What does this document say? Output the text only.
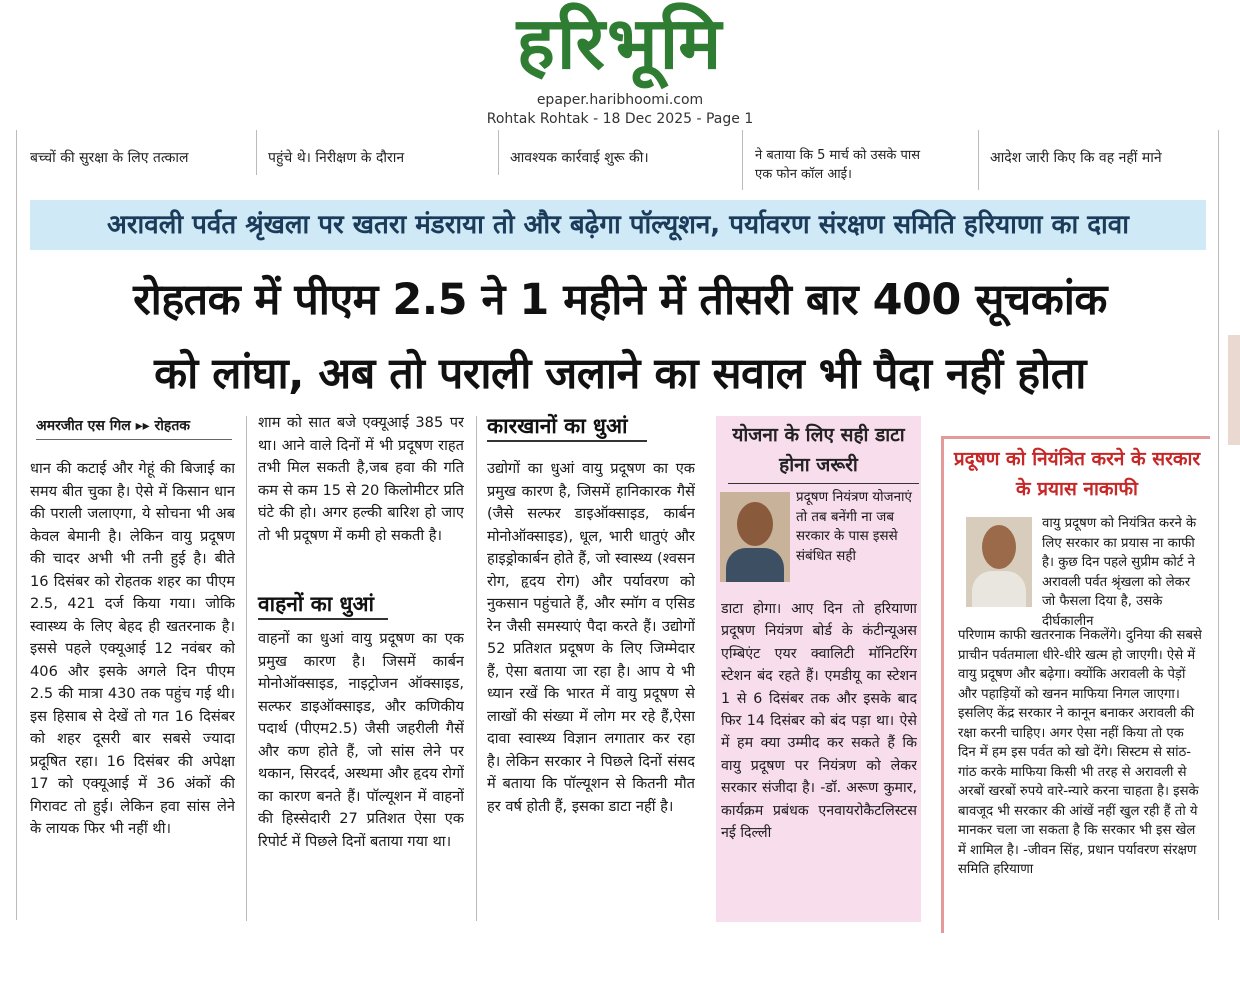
हरिभूमि
epaper.haribhoomi.com
Rohtak Rohtak - 18 Dec 2025 - Page 1
बच्चों की सुरक्षा के लिए तत्काल	पहुंचे थे। निरीक्षण के दौरान	आवश्यक कार्रवाई शुरू की।	ने बताया कि 5 मार्च को उसके पास
एक फोन कॉल आई।
आदेश जारी किए कि वह नहीं माने
अरावली पर्वत श्रृंखला पर खतरा मंडराया तो और बढ़ेगा पॉल्यूशन, पर्यावरण संरक्षण समिति हरियाणा का दावा
रोहतक में पीएम 2.5 ने 1 महीने में तीसरी बार 400 सूचकांक
को लांघा, अब तो पराली जलाने का सवाल भी पैदा नहीं होता
अमरजीत एस गिल ▸▸ रोहतक
धान की कटाई और गेहूं की बिजाई का समय बीत चुका है। ऐसे में किसान धान की पराली जलाएगा, ये सोचना भी अब केवल बेमानी है। लेकिन वायु प्रदूषण की चादर अभी भी तनी हुई है। बीते 16 दिसंबर को रोहतक शहर का पीएम 2.5, 421 दर्ज किया गया। जोकि स्वास्थ्य के लिए बेहद ही खतरनाक है। इससे पहले एक्यूआई 12 नवंबर को 406 और इसके अगले दिन पीएम 2.5 की मात्रा 430 तक पहुंच गई थी। इस हिसाब से देखें तो गत 16 दिसंबर को शहर दूसरी बार सबसे ज्यादा प्रदूषित रहा। 16 दिसंबर की अपेक्षा 17 को एक्यूआई में 36 अंकों की गिरावट तो हुई। लेकिन हवा सांस लेने के लायक फिर भी नहीं थी।
शाम को सात बजे एक्यूआई 385 पर था। आने वाले दिनों में भी प्रदूषण राहत तभी मिल सकती है,जब हवा की गति कम से कम 15 से 20 किलोमीटर प्रति घंटे की हो। अगर हल्की बारिश हो जाए तो भी प्रदूषण में कमी हो सकती है।
वाहनों का धुआं
वाहनों का धुआं वायु प्रदूषण का एक प्रमुख कारण है। जिसमें कार्बन मोनोऑक्साइड, नाइट्रोजन ऑक्साइड, सल्फर डाइऑक्साइड, और कणिकीय पदार्थ (पीएम2.5) जैसी जहरीली गैसें और कण होते हैं, जो सांस लेने पर थकान, सिरदर्द, अस्थमा और हृदय रोगों का कारण बनते हैं। पॉल्यूशन में वाहनों की हिस्सेदारी 27 प्रतिशत ऐसा एक रिपोर्ट में पिछले दिनों बताया गया था।
कारखानों का धुआं
उद्योगों का धुआं वायु प्रदूषण का एक प्रमुख कारण है, जिसमें हानिकारक गैसें (जैसे सल्फर डाइऑक्साइड, कार्बन मोनोऑक्साइड), धूल, भारी धातुएं और हाइड्रोकार्बन होते हैं, जो स्वास्थ्य (श्वसन रोग, हृदय रोग) और पर्यावरण को नुकसान पहुंचाते हैं, और स्मॉग व एसिड रेन जैसी समस्याएं पैदा करते हैं। उद्योगों 52 प्रतिशत प्रदूषण के लिए जिम्मेदार हैं, ऐसा बताया जा रहा है। आप ये भी ध्यान रखें कि भारत में वायु प्रदूषण से लाखों की संख्या में लोग मर रहे हैं,ऐसा दावा स्वास्थ्य विज्ञान लगातार कर रहा है। लेकिन सरकार ने पिछले दिनों संसद में बताया कि पॉल्यूशन से कितनी मौत हर वर्ष होती हैं, इसका डाटा नहीं है।
योजना के लिए सही डाटा होना जरूरी
प्रदूषण नियंत्रण योजनाएं तो तब बनेंगी ना जब सरकार के पास इससे संबंधित सही
डाटा होगा। आए दिन तो हरियाणा प्रदूषण नियंत्रण बोर्ड के कंटीन्यूअस एम्बिएंट एयर क्वालिटी मॉनिटरिंग स्टेशन बंद रहते हैं। एमडीयू का स्टेशन 1 से 6 दिसंबर तक और इसके बाद फिर 14 दिसंबर को बंद पड़ा था। ऐसे में हम क्या उम्मीद कर सकते हैं कि वायु प्रदूषण पर नियंत्रण को लेकर सरकार संजीदा है। -डॉ. अरूण कुमार, कार्यक्रम प्रबंधक एनवायरोकैटलिस्टस नई दिल्ली
प्रदूषण को नियंत्रित करने के सरकार के प्रयास नाकाफी
वायु प्रदूषण को नियंत्रित करने के लिए सरकार का प्रयास ना काफी है। कुछ दिन पहले सुप्रीम कोर्ट ने अरावली पर्वत श्रृंखला को लेकर जो फैसला दिया है, उसके दीर्घकालीन
परिणाम काफी खतरनाक निकलेंगे। दुनिया की सबसे प्राचीन पर्वतमाला धीरे-धीरे खत्म हो जाएगी। ऐसे में वायु प्रदूषण और बढ़ेगा। क्योंकि अरावली के पेड़ों और पहाड़ियों को खनन माफिया निगल जाएगा। इसलिए केंद्र सरकार ने कानून बनाकर अरावली की रक्षा करनी चाहिए। अगर ऐसा नहीं किया तो एक दिन में हम इस पर्वत को खो देंगे। सिस्टम से सांठ-गांठ करके माफिया किसी भी तरह से अरावली से अरबों खरबों रुपये वारे-न्यारे करना चाहता है। इसके बावजूद भी सरकार की आंखें नहीं खुल रही हैं तो ये मानकर चला जा सकता है कि सरकार भी इस खेल में शामिल है। -जीवन सिंह, प्रधान पर्यावरण संरक्षण समिति हरियाणा
